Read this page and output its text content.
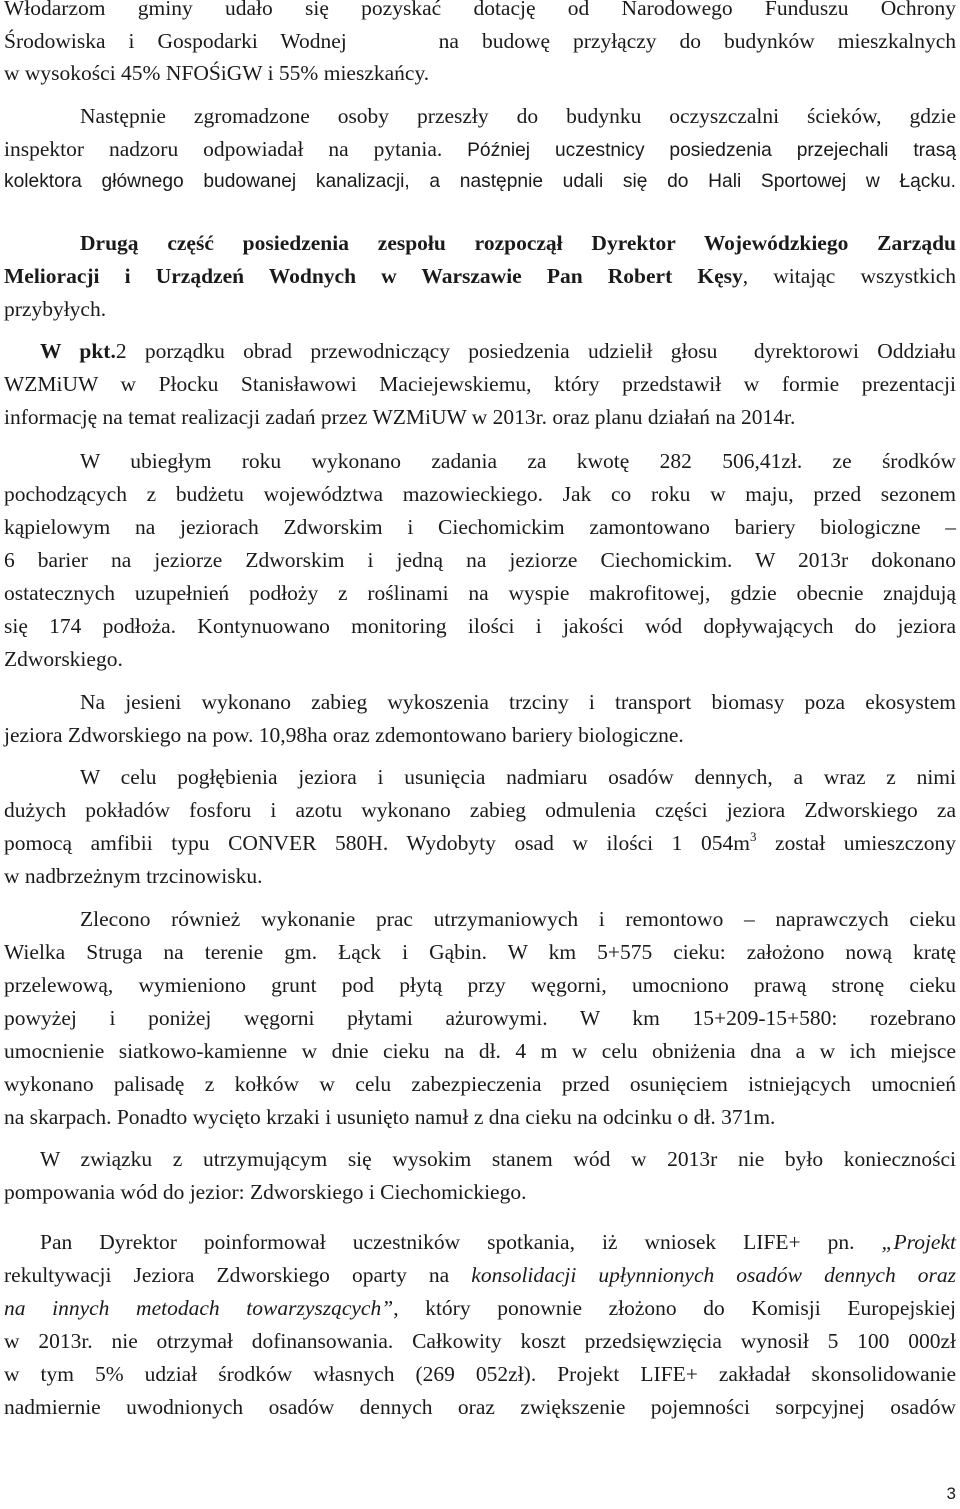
Włodarzom gminy udało się pozyskać dotację od Narodowego Funduszu Ochrony
Środowiska i Gospodarki Wodnej    na budowę przyłączy do budynków mieszkalnych
w wysokości 45% NFOŚiGW i 55% mieszkańcy.
Następnie zgromadzone osoby przeszły do budynku oczyszczalni ścieków, gdzie
inspektor nadzoru odpowiadał na pytania. Później uczestnicy posiedzenia przejechali trasą
kolektora głównego budowanej kanalizacji, a następnie udali się do Hali Sportowej w Łącku.
Drugą część posiedzenia zespołu rozpoczął Dyrektor Wojewódzkiego Zarządu
Melioracji i Urządzeń Wodnych w Warszawie Pan Robert Kęsy, witając wszystkich
przybyłych.
W pkt.2 porządku obrad przewodniczący posiedzenia udzielił głosu  dyrektorowi Oddziału
WZMiUW w Płocku Stanisławowi Maciejewskiemu, który przedstawił w formie prezentacji
informację na temat realizacji zadań przez WZMiUW w 2013r. oraz planu działań na 2014r.
W ubiegłym roku wykonano zadania za kwotę 282 506,41zł. ze środków
pochodzących z budżetu województwa mazowieckiego. Jak co roku w maju, przed sezonem
kąpielowym na jeziorach Zdworskim i Ciechomickim zamontowano bariery biologiczne –
6 barier na jeziorze Zdworskim i jedną na jeziorze Ciechomickim. W 2013r dokonano
ostatecznych uzupełnień podłoży z roślinami na wyspie makrofitowej, gdzie obecnie znajdują
się 174 podłoża. Kontynuowano monitoring ilości i jakości wód dopływających do jeziora
Zdworskiego.
Na jesieni wykonano zabieg wykoszenia trzciny i transport biomasy poza ekosystem
jeziora Zdworskiego na pow. 10,98ha oraz zdemontowano bariery biologiczne.
W celu pogłębienia jeziora i usunięcia nadmiaru osadów dennych, a wraz z nimi
dużych pokładów fosforu i azotu wykonano zabieg odmulenia części jeziora Zdworskiego za
pomocą amfibii typu CONVER 580H. Wydobyty osad w ilości 1 $054m^3$ został umieszczony
w nadbrzeżnym trzcinowisku.
Zlecono również wykonanie prac utrzymaniowych i remontowo – naprawczych cieku
Wielka Struga na terenie gm. Łąck i Gąbin. W km 5+575 cieku: założono nową kratę
przelewową, wymieniono grunt pod płytą przy węgorni, umocniono prawą stronę cieku
powyżej i poniżej węgorni płytami ażurowymi. W km 15+209-15+580: rozebrano
umocnienie siatkowo-kamienne w dnie cieku na dł. 4 m w celu obniżenia dna a w ich miejsce
wykonano palisadę z kołków w celu zabezpieczenia przed osunięciem istniejących umocnień
na skarpach. Ponadto wycięto krzaki i usunięto namuł z dna cieku na odcinku o dł. 371m.
W związku z utrzymującym się wysokim stanem wód w 2013r nie było konieczności
pompowania wód do jezior: Zdworskiego i Ciechomickiego.
Pan Dyrektor poinformował uczestników spotkania, iż wniosek LIFE+ pn. „Projekt
rekultywacji Jeziora Zdworskiego oparty na konsolidacji upłynnionych osadów dennych oraz
na innych metodach towarzyszących”, który ponownie złożono do Komisji Europejskiej
w 2013r. nie otrzymał dofinansowania. Całkowity koszt przedsięwzięcia wynosił 5 100 000zł
w tym 5% udział środków własnych (269 052zł). Projekt LIFE+ zakładał skonsolidowanie
nadmiernie uwodnionych osadów dennych oraz zwiększenie pojemności sorpcyjnej osadów
3
